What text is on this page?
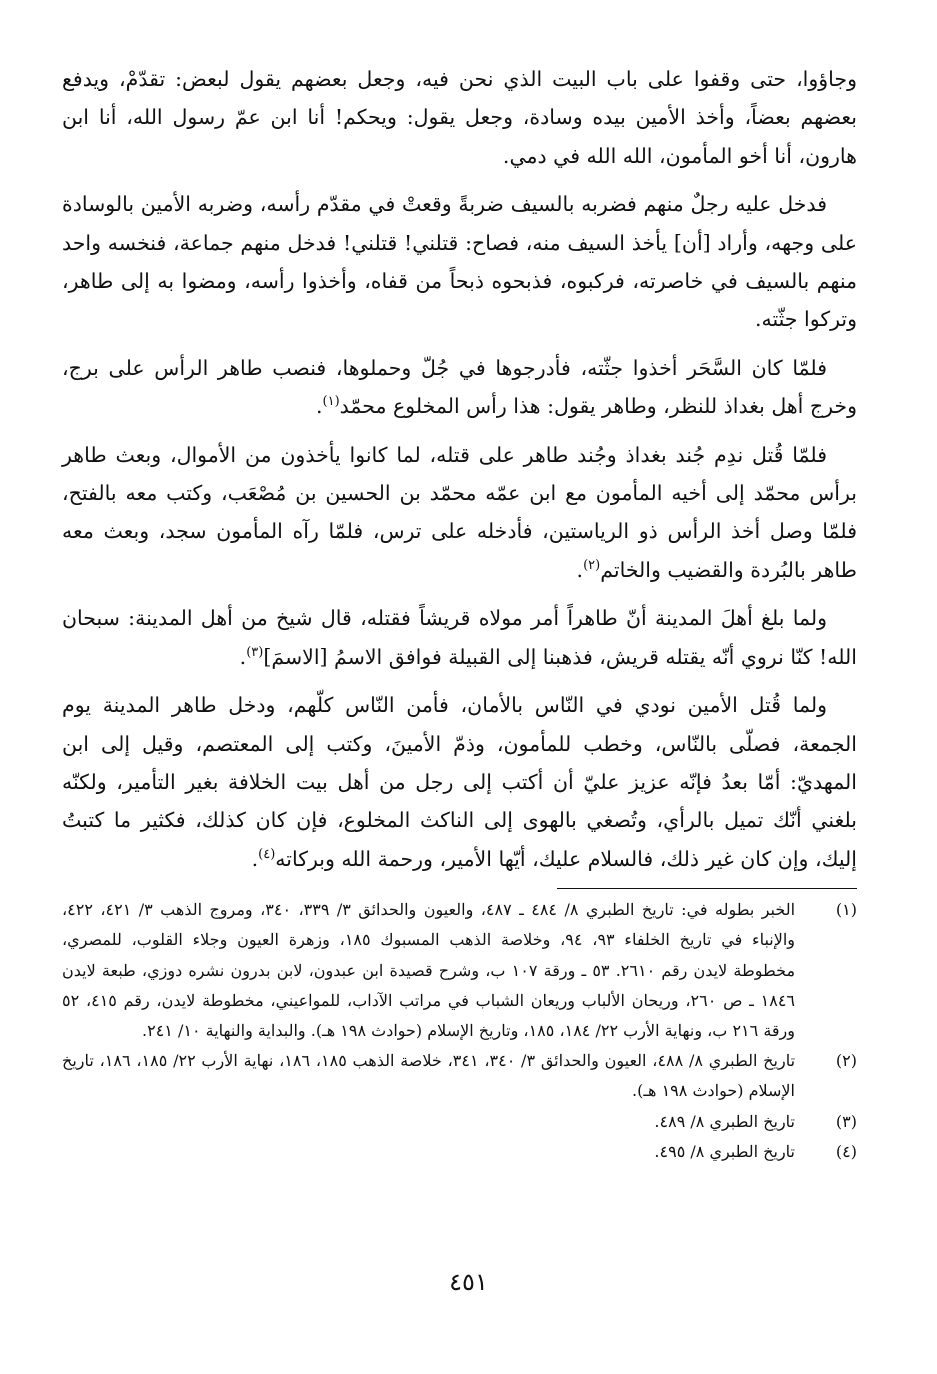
وجاؤوا، حتى وقفوا على باب البيت الذي نحن فيه، وجعل بعضهم يقول لبعض: تقدّمْ، ويدفع بعضهم بعضاً، وأخذ الأمين بيده وسادة، وجعل يقول: ويحكم! أنا ابن عمّ رسول الله، أنا ابن هارون، أنا أخو المأمون، الله الله في دمي.

فدخل عليه رجلٌ منهم فضربه بالسيف ضربةً وقعتْ في مقدّم رأسه، وضربه الأمين بالوسادة على وجهه، وأراد [أن] يأخذ السيف منه، فصاح: قتلني! قتلني! فدخل منهم جماعة، فنخسه واحد منهم بالسيف في خاصرته، فركبوه، فذبحوه ذبحاً من قفاه، وأخذوا رأسه، ومضوا به إلى طاهر، وتركوا جثّته.

فلمّا كان السَّحَر أخذوا جثّته، فأدرجوها في جُلّ وحملوها، فنصب طاهر الرأس على برج، وخرج أهل بغداذ للنظر، وطاهر يقول: هذا رأس المخلوع محمّد$^{(١)}$.

فلمّا قُتل ندِم جُند بغداذ وجُند طاهر على قتله، لما كانوا يأخذون من الأموال، وبعث طاهر برأس محمّد إلى أخيه المأمون مع ابن عمّه محمّد بن الحسين بن مُصْعَب، وكتب معه بالفتح، فلمّا وصل أخذ الرأس ذو الرياستين، فأدخله على ترس، فلمّا رآه المأمون سجد، وبعث معه طاهر بالبُردة والقضيب والخاتم$^{(٢)}$.

ولما بلغ أهلَ المدينة أنّ طاهراً أمر مولاه قريشاً فقتله، قال شيخ من أهل المدينة: سبحان الله! كنّا نروي أنّه يقتله قريش، فذهبنا إلى القبيلة فوافق الاسمُ [الاسمَ]$^{(٣)}$.

ولما قُتل الأمين نودي في النّاس بالأمان، فأمن النّاس كلّهم، ودخل طاهر المدينة يوم الجمعة، فصلّى بالنّاس، وخطب للمأمون، وذمّ الأمينَ، وكتب إلى المعتصم، وقيل إلى ابن المهديّ: أمّا بعدُ فإنّه عزيز عليّ أن أكتب إلى رجل من أهل بيت الخلافة بغير التأمير، ولكنّه بلغني أنّك تميل بالرأي، وتُصغي بالهوى إلى الناكث المخلوع، فإن كان كذلك، فكثير ما كتبتُ إليك، وإن كان غير ذلك، فالسلام عليك، أيّها الأمير، ورحمة الله وبركاته$^{(٤)}$.

(١)
الخبر بطوله في: تاريخ الطبري ٨/ ٤٨٤ ـ ٤٨٧، والعيون والحدائق ٣/ ٣٣٩، ٣٤٠، ومروج الذهب ٣/ ٤٢١، ٤٢٢، والإنباء في تاريخ الخلفاء ٩٣، ٩٤، وخلاصة الذهب المسبوك ١٨٥، وزهرة العيون وجلاء القلوب، للمصري، مخطوطة لايدن رقم ٢٦١٠. ٥٣ ـ ورقة ١٠٧ ب، وشرح قصيدة ابن عبدون، لابن بدرون نشره دوزي، طبعة لايدن ١٨٤٦ ـ ص ٢٦٠، وريحان الألباب وريعان الشباب في مراتب الآداب، للمواعيني، مخطوطة لايدن، رقم ٤١٥، ٥٢ ورقة ٢١٦ ب، ونهاية الأرب ٢٢/ ١٨٤، ١٨٥، وتاريخ الإسلام (حوادث ١٩٨ هـ). والبداية والنهاية ١٠/ ٢٤١.
(٢)
تاريخ الطبري ٨/ ٤٨٨، العيون والحدائق ٣/ ٣٤٠، ٣٤١، خلاصة الذهب ١٨٥، ١٨٦، نهاية الأرب ٢٢/ ١٨٥، ١٨٦، تاريخ الإسلام (حوادث ١٩٨ هـ).
(٣)
تاريخ الطبري ٨/ ٤٨٩.
(٤)
تاريخ الطبري ٨/ ٤٩٥.
٤٥١
